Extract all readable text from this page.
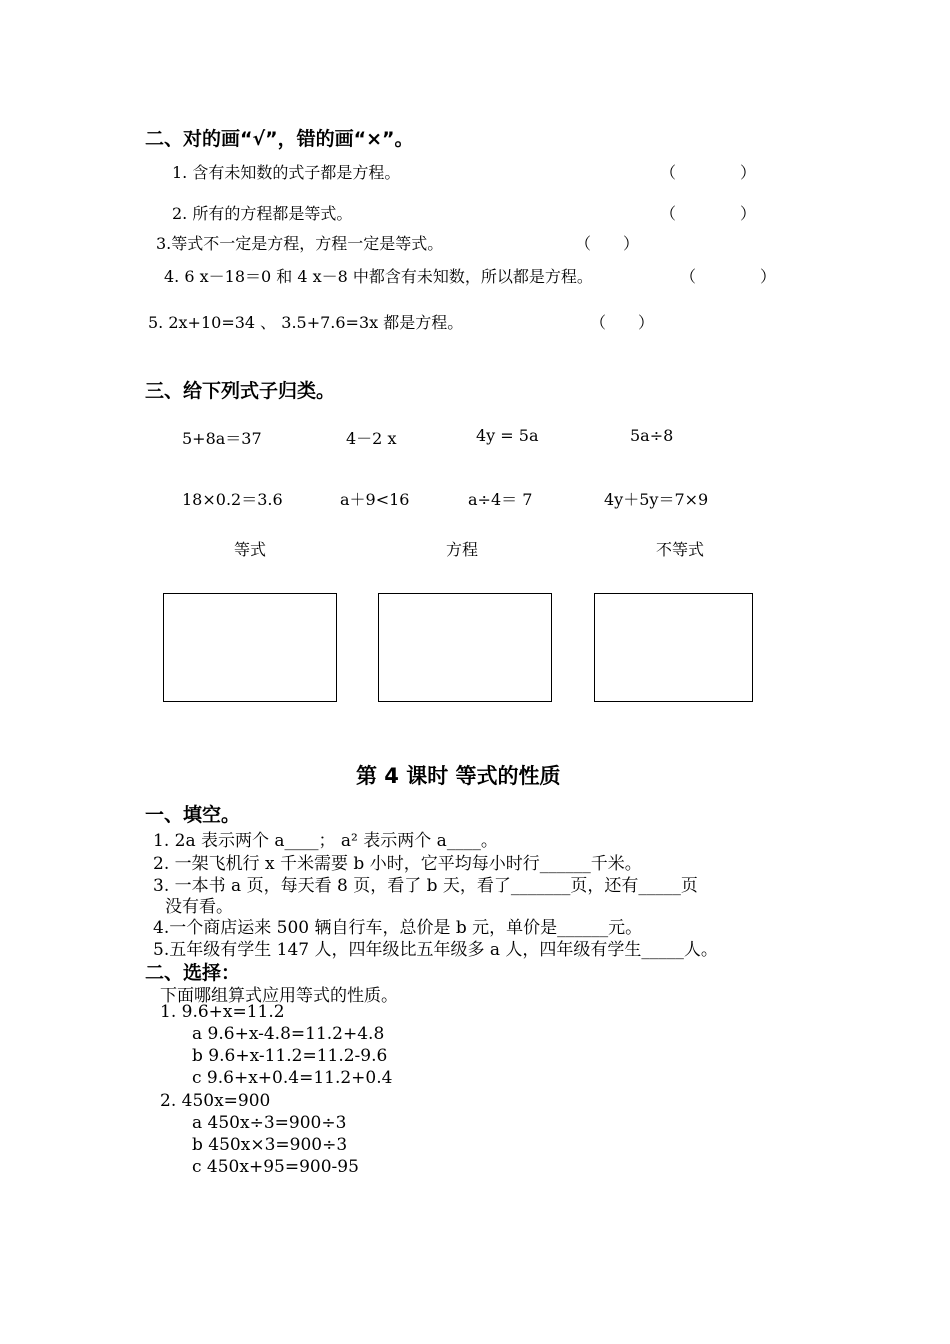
二、对的画“√”，错的画“×”。
1. 含有未知数的式子都是方程。	（　　　　）
2. 所有的方程都是等式。	（　　　　）
3.等式不一定是方程，方程一定是等式。	（　　）
4. 6 x－18＝0 和 4 x－8 中都含有未知数，所以都是方程。	（　　　　）
5. 2x+10=34 、 3.5+7.6=3x 都是方程。	（　　）
三、给下列式子归类。
5+8a＝37	4－2 x	4y = 5a	5a÷8
18×0.2＝3.6	a＋9<16	a÷4＝ 7	4y＋5y＝7×9
等式	方程	不等式
第 4 课时 等式的性质
一、填空。
1. 2a 表示两个 a____； a² 表示两个 a____。
2. 一架飞机行 x 千米需要 b 小时，它平均每小时行______千米。
3. 一本书 a 页，每天看 8 页，看了 b 天，看了_______页，还有_____页
没有看。
4.一个商店运来 500 辆自行车，总价是 b 元，单价是______元。
5.五年级有学生 147 人，四年级比五年级多 a 人，四年级有学生_____人。
二、选择：
下面哪组算式应用等式的性质。
1. 9.6+x=11.2
a 9.6+x-4.8=11.2+4.8
b 9.6+x-11.2=11.2-9.6
c 9.6+x+0.4=11.2+0.4
2. 450x=900
a 450x÷3=900÷3
b 450x×3=900÷3
c 450x+95=900-95
